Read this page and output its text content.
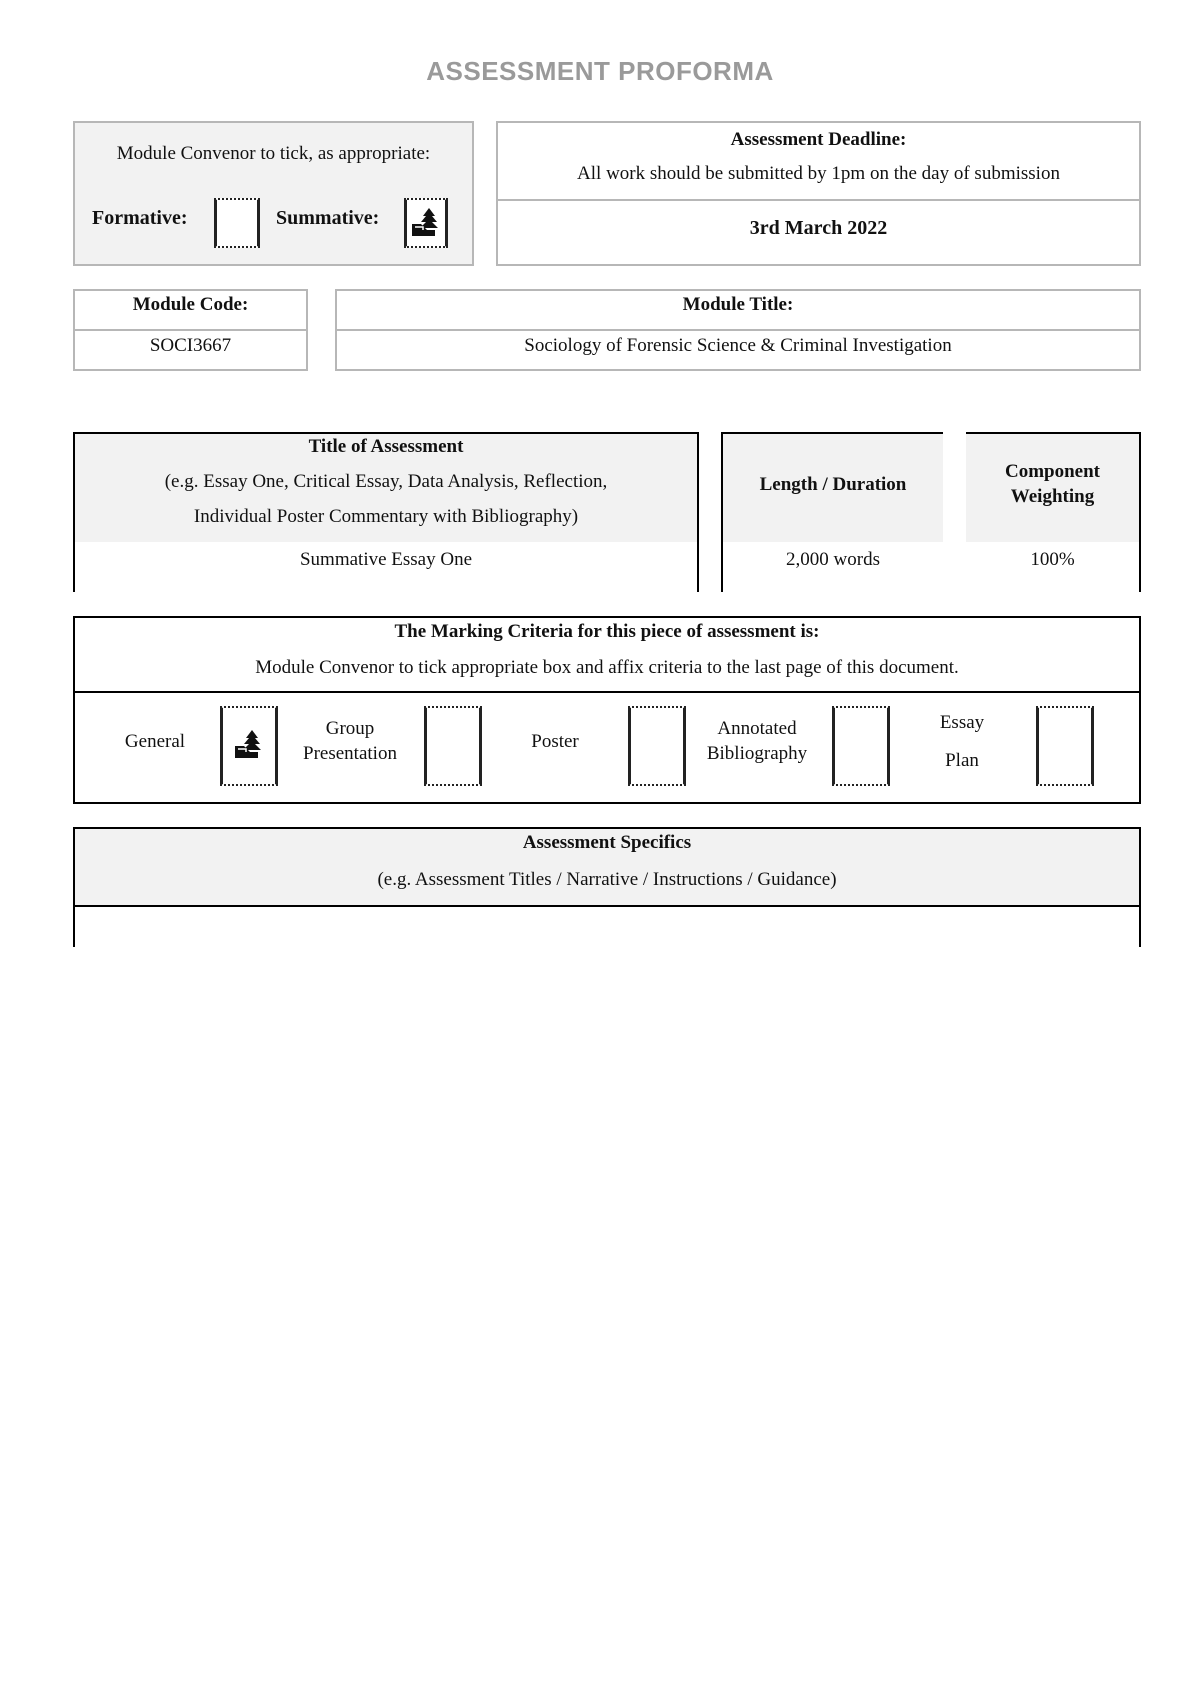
ASSESSMENT PROFORMA
Module Convenor to tick, as appropriate:
Formative:	Summative:
Assessment Deadline:
All work should be submitted by 1pm on the day of submission
3rd March 2022
Module Code:
SOCI3667
Module Title:
Sociology of Forensic Science & Criminal Investigation
Title of Assessment
(e.g. Essay One, Critical Essay, Data Analysis, Reflection,
Individual Poster Commentary with Bibliography)
Summative Essay One
Length / Duration
2,000 words
Component
Weighting
100%
The Marking Criteria for this piece of assessment is:
Module Convenor to tick appropriate box and affix criteria to the last page of this document.
General
Group
Presentation
Poster
Annotated
Bibliography
Essay
Plan
Assessment Specifics
(e.g. Assessment Titles / Narrative / Instructions / Guidance)
